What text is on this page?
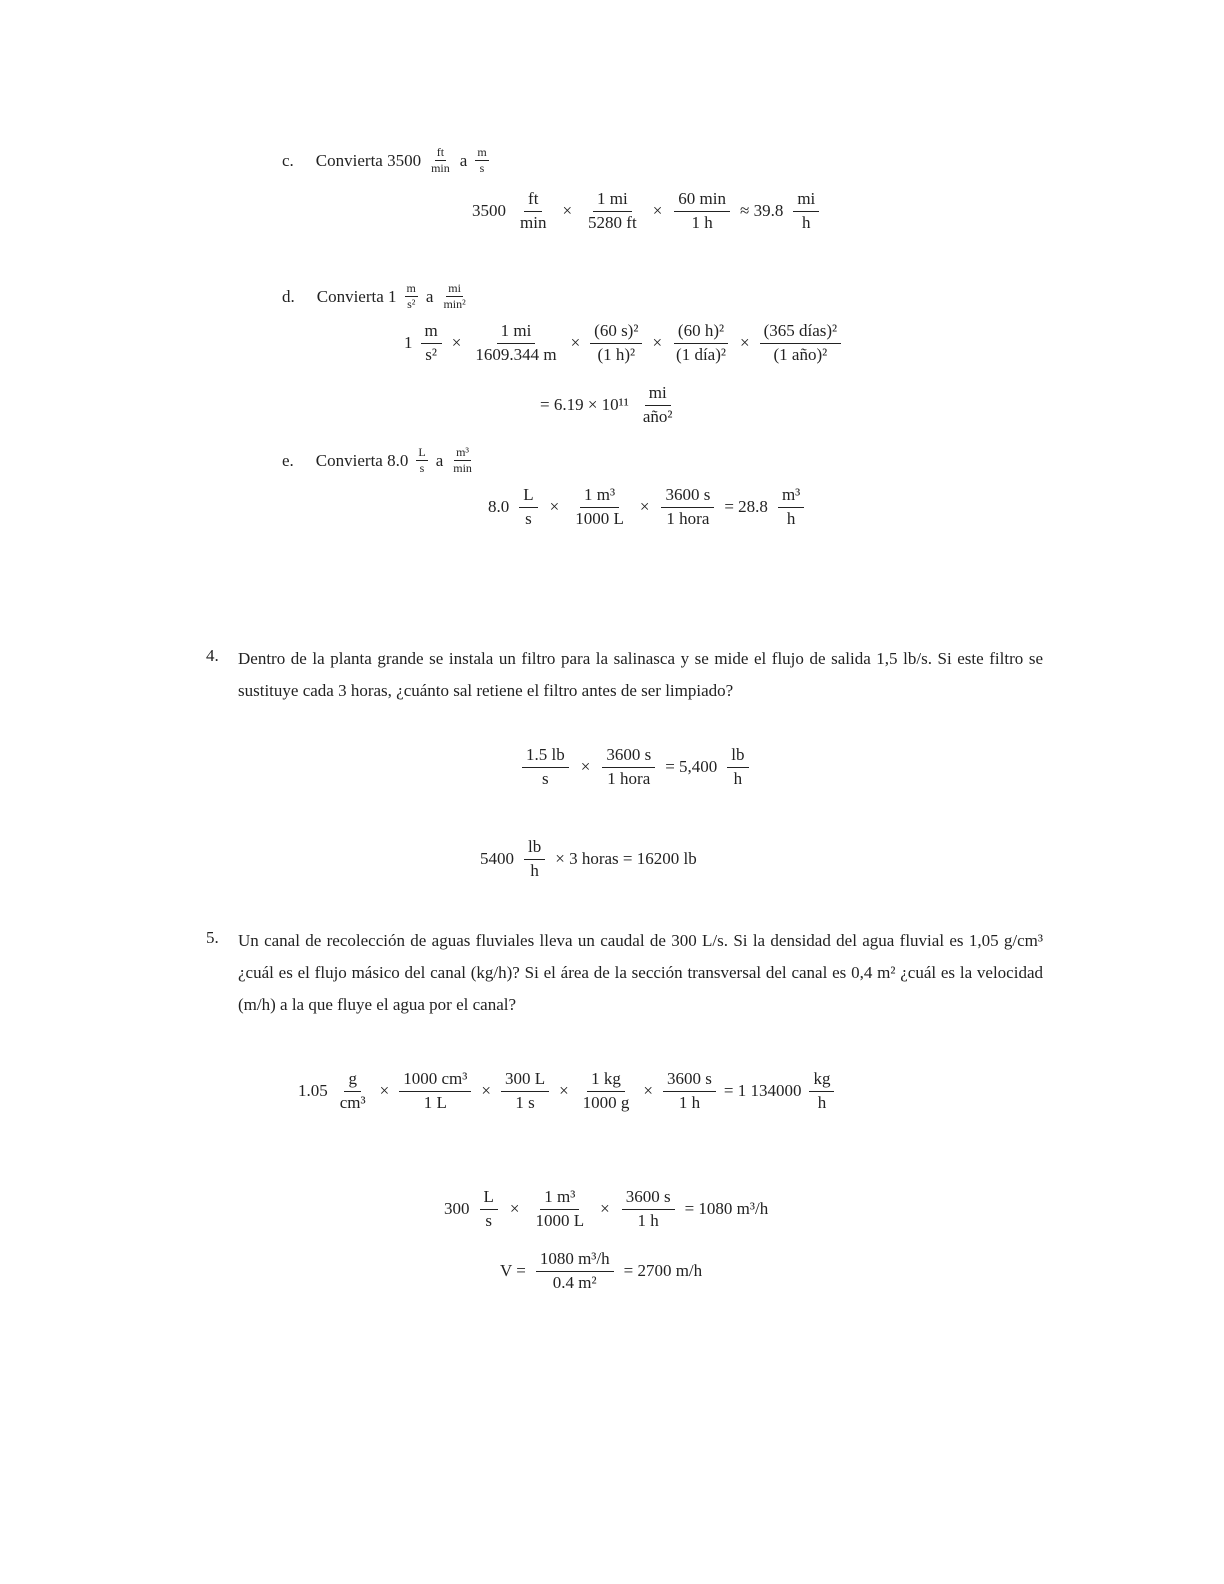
c. Convierta $3500 \frac{ft}{\min}$ a $\frac{m}{s}$
$3500 \frac{ft}{\min} \times \frac{1 mi}{5280 ft} \times \frac{60 \min}{1 h} \approx 39.8 \frac{mi}{h}$
d. Convierta $1 \frac{m}{\text{s²}}$ a $\frac{mi}{\text{min²}}$
$1 \frac{m}{\text{s²}} \times \frac{1 mi}{1609.344 m} \times \frac{\text{(60 s)²}}{\text{(1 h)²}} \times \frac{\text{(60 h)²}}{\text{(1 día)²}} \times \frac{\text{(365 días)²}}{\text{(1 año)²}}$
= $6.19 \times 10^{11} \frac{mi}{\text{año²}}$
e. Convierta $8.0 \frac{L}{s}$ a $\frac{\text{m³}}{\min}$
$8.0 \frac{L}{s} \times \frac{\text{1 m³}}{1000 L} \times \frac{3600 s}{\text{1 hora}} = 28.8 \frac{\text{m³}}{h}$
4. Dentro de la planta grande se instala un filtro para la salinasca y se mide el flujo de salida 1,5 lb/s. Si este filtro se sustituye cada 3 horas, ¿cuánto sal retiene el filtro antes de ser limpiado?
$\frac{1.5 lb}{s} \times \frac{3600 s}{\text{1 hora}} = 5,400 \frac{lb}{h}$
$5400 \frac{lb}{h} \times 3$ horas = 16200 lb
5. Un canal de recolección de aguas fluviales lleva un caudal de 300 L/s. Si la densidad del agua fluvial es 1,05 g/cm³ ¿cuál es el flujo másico del canal (kg/h)? Si el área de la sección transversal del canal es 0,4 m² ¿cuál es la velocidad (m/h) a la que fluye el agua por el canal?
$1.05 \frac{g}{\text{cm³}} \times \frac{\text{1000 cm³}}{1 L} \times \frac{300 L}{1 s} \times \frac{1 kg}{1000 g} \times \frac{3600 s}{1 h} = 1$ $134000 \frac{kg}{h}$
$300 \frac{L}{s} \times \frac{\text{1 m³}}{1000 L} \times \frac{3600 s}{1 h} = 1080$ m³/h
$V = \frac{\text{1080 m³/h}}{\text{0.4 m²}} = 2700$ m/h
